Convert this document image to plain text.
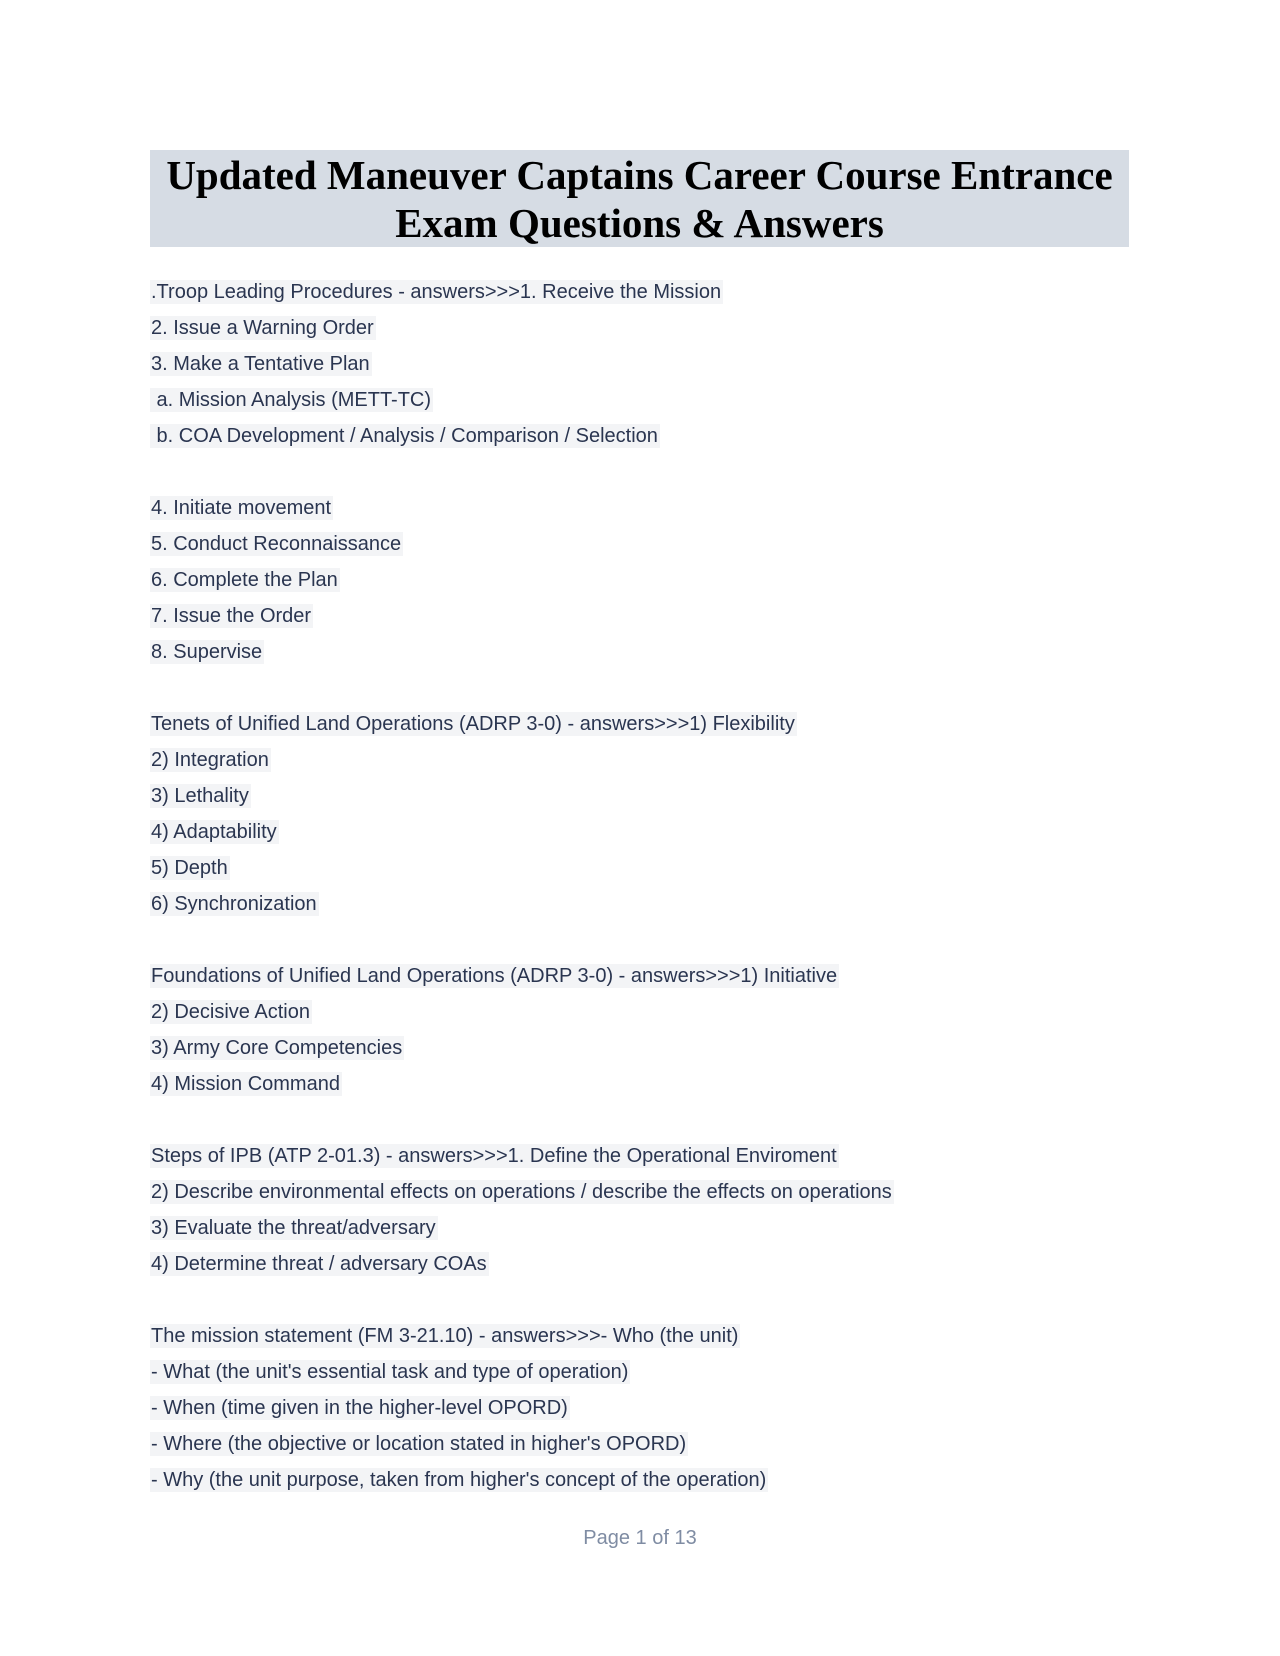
Updated Maneuver Captains Career Course Entrance
Exam Questions & Answers
.Troop Leading Procedures - answers>>>1. Receive the Mission
2. Issue a Warning Order
3. Make a Tentative Plan
a. Mission Analysis (METT-TC)
b. COA Development / Analysis / Comparison / Selection
4. Initiate movement
5. Conduct Reconnaissance
6. Complete the Plan
7. Issue the Order
8. Supervise
Tenets of Unified Land Operations (ADRP 3-0) - answers>>>1) Flexibility
2) Integration
3) Lethality
4) Adaptability
5) Depth
6) Synchronization
Foundations of Unified Land Operations (ADRP 3-0) - answers>>>1) Initiative
2) Decisive Action
3) Army Core Competencies
4) Mission Command
Steps of IPB (ATP 2-01.3) - answers>>>1. Define the Operational Enviroment
2) Describe environmental effects on operations / describe the effects on operations
3) Evaluate the threat/adversary
4) Determine threat / adversary COAs
The mission statement (FM 3-21.10) - answers>>>- Who (the unit)
- What (the unit's essential task and type of operation)
- When (time given in the higher-level OPORD)
- Where (the objective or location stated in higher's OPORD)
- Why (the unit purpose, taken from higher's concept of the operation)
Page 1 of 13
